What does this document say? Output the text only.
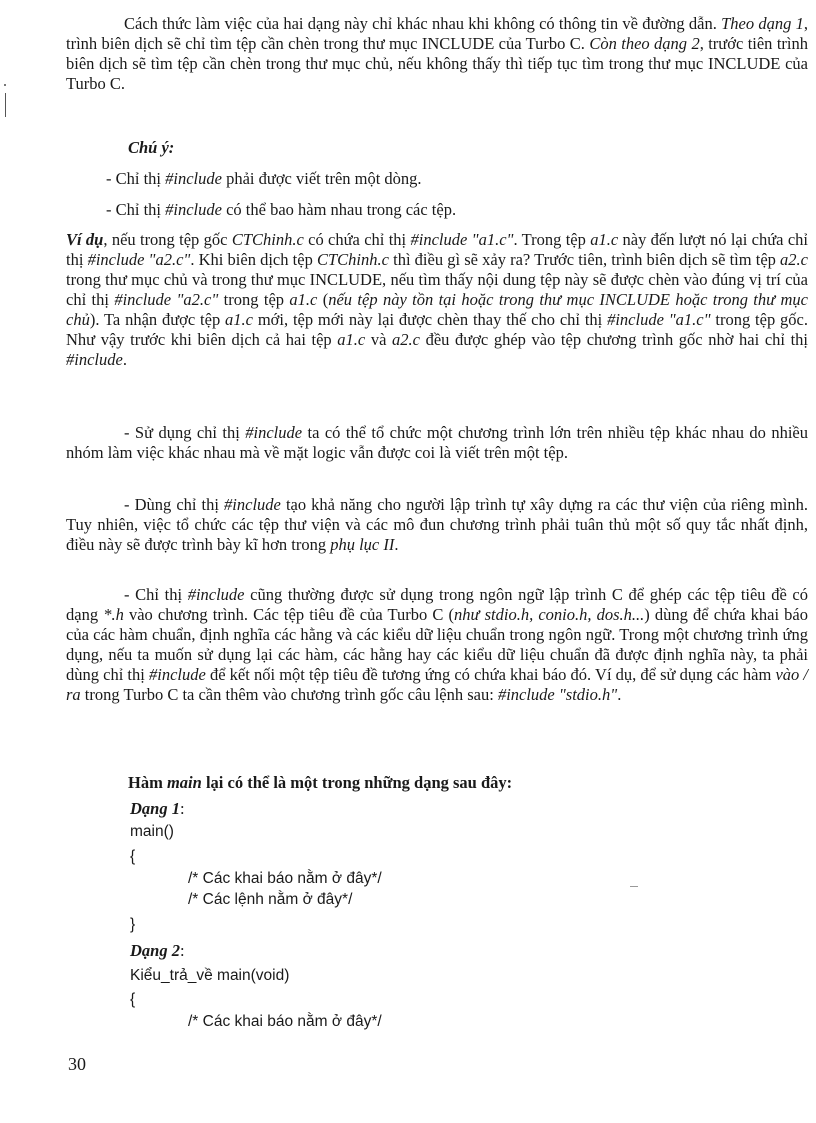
Cách thức làm việc của hai dạng này chỉ khác nhau khi không có thông tin về đường dẫn. Theo dạng 1, trình biên dịch sẽ chỉ tìm tệp cần chèn trong thư mục INCLUDE của Turbo C. Còn theo dạng 2, trước tiên trình biên dịch sẽ tìm tệp cần chèn trong thư mục chủ, nếu không thấy thì tiếp tục tìm trong thư mục INCLUDE của Turbo C.

Chú ý:

- Chỉ thị #include phải được viết trên một dòng.

- Chỉ thị #include có thể bao hàm nhau trong các tệp.

Ví dụ, nếu trong tệp gốc CTChinh.c có chứa chỉ thị #include "a1.c". Trong tệp a1.c này đến lượt nó lại chứa chỉ thị #include "a2.c". Khi biên dịch tệp CTChinh.c thì điều gì sẽ xảy ra? Trước tiên, trình biên dịch sẽ tìm tệp a2.c trong thư mục chủ và trong thư mục INCLUDE, nếu tìm thấy nội dung tệp này sẽ được chèn vào đúng vị trí của chỉ thị #include "a2.c" trong tệp a1.c (nếu tệp này tồn tại hoặc trong thư mục INCLUDE hoặc trong thư mục chủ). Ta nhận được tệp a1.c mới, tệp mới này lại được chèn thay thế cho chỉ thị #include "a1.c" trong tệp gốc. Như vậy trước khi biên dịch cả hai tệp a1.c và a2.c đều được ghép vào tệp chương trình gốc nhờ hai chỉ thị #include.

- Sử dụng chỉ thị #include ta có thể tổ chức một chương trình lớn trên nhiều tệp khác nhau do nhiều nhóm làm việc khác nhau mà về mặt logic vẫn được coi là viết trên một tệp.

- Dùng chỉ thị #include tạo khả năng cho người lập trình tự xây dựng ra các thư viện của riêng mình. Tuy nhiên, việc tổ chức các tệp thư viện và các mô đun chương trình phải tuân thủ một số quy tắc nhất định, điều này sẽ được trình bày kĩ hơn trong phụ lục II.

- Chỉ thị #include cũng thường được sử dụng trong ngôn ngữ lập trình C để ghép các tệp tiêu đề có dạng *.h vào chương trình. Các tệp tiêu đề của Turbo C (như stdio.h, conio.h, dos.h...) dùng để chứa khai báo của các hàm chuẩn, định nghĩa các hằng và các kiểu dữ liệu chuẩn trong ngôn ngữ. Trong một chương trình ứng dụng, nếu ta muốn sử dụng lại các hàm, các hằng hay các kiểu dữ liệu chuẩn đã được định nghĩa này, ta phải dùng chỉ thị #include để kết nối một tệp tiêu đề tương ứng có chứa khai báo đó. Ví dụ, để sử dụng các hàm vào / ra trong Turbo C ta cần thêm vào chương trình gốc câu lệnh sau: #include "stdio.h".

Hàm main lại có thể là một trong những dạng sau đây:

Dạng 1:

main()

{

/* Các khai báo nằm ở đây*/

/* Các lệnh nằm ở đây*/

}

Dạng 2:

Kiểu_trả_về main(void)

{

/* Các khai báo nằm ở đây*/

30
